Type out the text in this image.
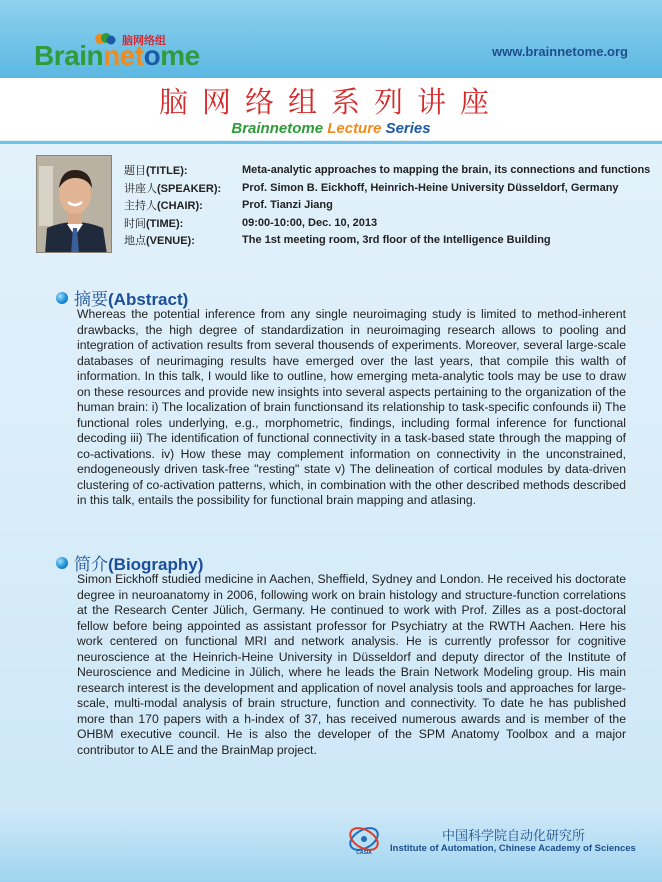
脑网络组
Brainnetome	www.brainnetome.org
脑网络组系列讲座
Brainnetome Lecture Series
题目(TITLE):	Meta-analytic approaches to mapping the brain, its connections and functions
讲座人(SPEAKER): Prof. Simon B. Eickhoff, Heinrich-Heine University Düsseldorf, Germany
主持人(CHAIR):	Prof. Tianzi Jiang
时间(TIME):	09:00-10:00, Dec. 10, 2013
地点(VENUE):	The 1st meeting room, 3rd floor of the Intelligence Building
摘要(Abstract)
Whereas the potential inference from any single neuroimaging study is limited to method-inherent drawbacks, the high degree of standardization in neuroimaging research allows to pooling and integration of activation results from several thousends of experiments. Moreover, several large-scale databases of neurimaging results have emerged over the last years, that compile this walth of information. In this talk, I would like to outline, how emerging meta-analytic tools may be use to draw on these resources and provide new insights into several aspects pertaining to the organization of the human brain: i) The localization of brain functionsand its relationship to task-specific confounds ii) The functional roles underlying, e.g., morphometric, findings, including formal inference for functional decoding iii) The identification of functional connectivity in a task-based state through the mapping of co-activations. iv) How these may complement information on connectivity in the unconstrained, endogeneously driven task-free "resting" state v) The delineation of cortical modules by data-driven clustering of co-activation patterns, which, in combination with the other described methods described in this talk, entails the possibility for functional brain mapping and atlasing.
简介(Biography)
Simon Eickhoff studied medicine in Aachen, Sheffield, Sydney and London. He received his doctorate degree in neuroanatomy in 2006, following work on brain histology and structure-function correlations at the Research Center Jülich, Germany. He continued to work with Prof. Zilles as a post-doctoral fellow before being appointed as assistant professor for Psychiatry at the RWTH Aachen. Here his work centered on functional MRI and network analysis. He is currently professor for cognitive neuroscience at the Heinrich-Heine University in Düsseldorf and deputy director of the Institute of Neuroscience and Medicine in Jülich, where he leads the Brain Network Modeling group. His main research interest is the development and application of novel analysis tools and approaches for large-scale, multi-modal analysis of brain structure, function and connectivity. To date he has published more than 170 papers with a h-index of 37, has received numerous awards and is member of the OHBM executive council. He is also the developer of the SPM Anatomy Toolbox and a major contributor to ALE and the BrainMap project.
CASIA
中国科学院自动化研究所
Institute of Automation, Chinese Academy of Sciences
